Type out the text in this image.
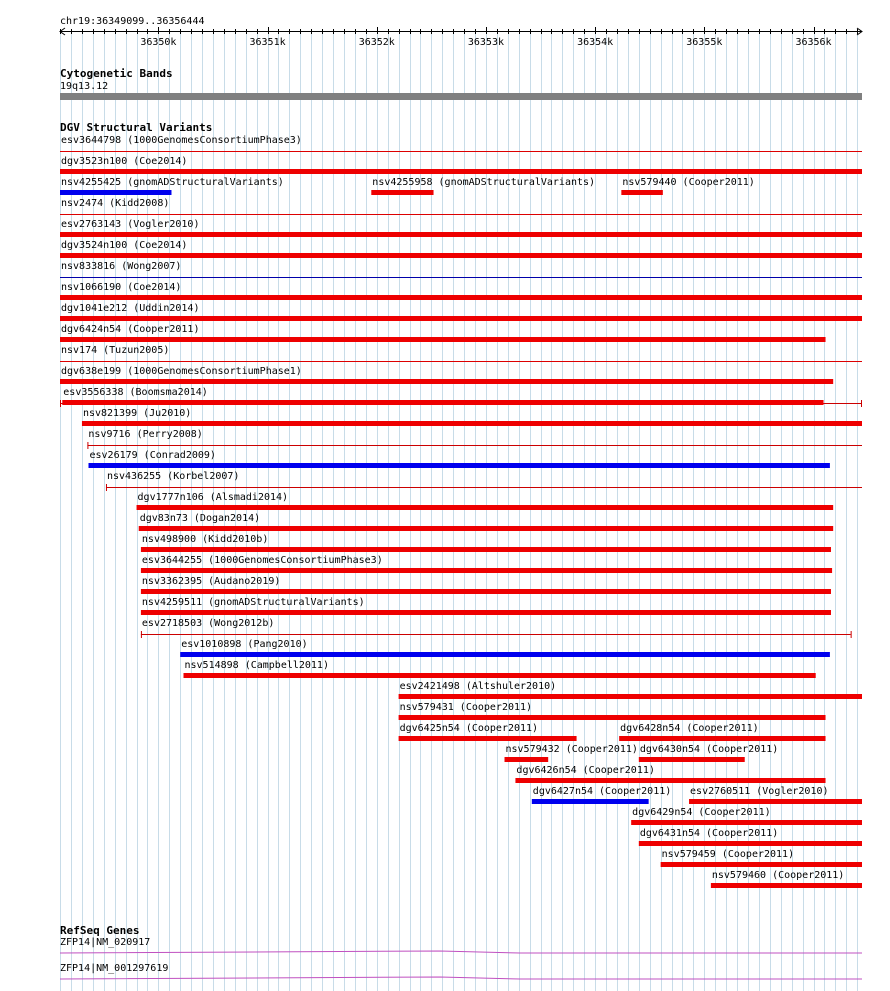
chr19:36349099..36356444
36350k	36351k	36352k	36353k	36354k	36355k	36356k
Cytogenetic Bands
19q13.12
DGV Structural Variants
esv3644798 (1000GenomesConsortiumPhase3)
dgv3523n100 (Coe2014)
nsv4255425 (gnomADStructuralVariants)	nsv4255958 (gnomADStructuralVariants)	nsv579440 (Cooper2011)
nsv2474 (Kidd2008)
esv2763143 (Vogler2010)
dgv3524n100 (Coe2014)
nsv833816 (Wong2007)
nsv1066190 (Coe2014)
dgv1041e212 (Uddin2014)
dgv6424n54 (Cooper2011)
nsv174 (Tuzun2005)
dgv638e199 (1000GenomesConsortiumPhase1)
esv3556338 (Boomsma2014)
nsv821399 (Ju2010)
nsv9716 (Perry2008)
esv26179 (Conrad2009)
nsv436255 (Korbel2007)
dgv1777n106 (Alsmadi2014)
dgv83n73 (Dogan2014)
nsv498900 (Kidd2010b)
esv3644255 (1000GenomesConsortiumPhase3)
nsv3362395 (Audano2019)
nsv4259511 (gnomADStructuralVariants)
esv2718503 (Wong2012b)
esv1010898 (Pang2010)
nsv514898 (Campbell2011)
esv2421498 (Altshuler2010)
nsv579431 (Cooper2011)
dgv6425n54 (Cooper2011)	dgv6428n54 (Cooper2011)
nsv579432 (Cooper2011) dgv6430n54 (Cooper2011)
dgv6426n54 (Cooper2011)
dgv6427n54 (Cooper2011) esv2760511 (Vogler2010)
dgv6429n54 (Cooper2011)
dgv6431n54 (Cooper2011)
nsv579459 (Cooper2011)
nsv579460 (Cooper2011)
RefSeq Genes
ZFP14|NM_020917
ZFP14|NM_001297619
